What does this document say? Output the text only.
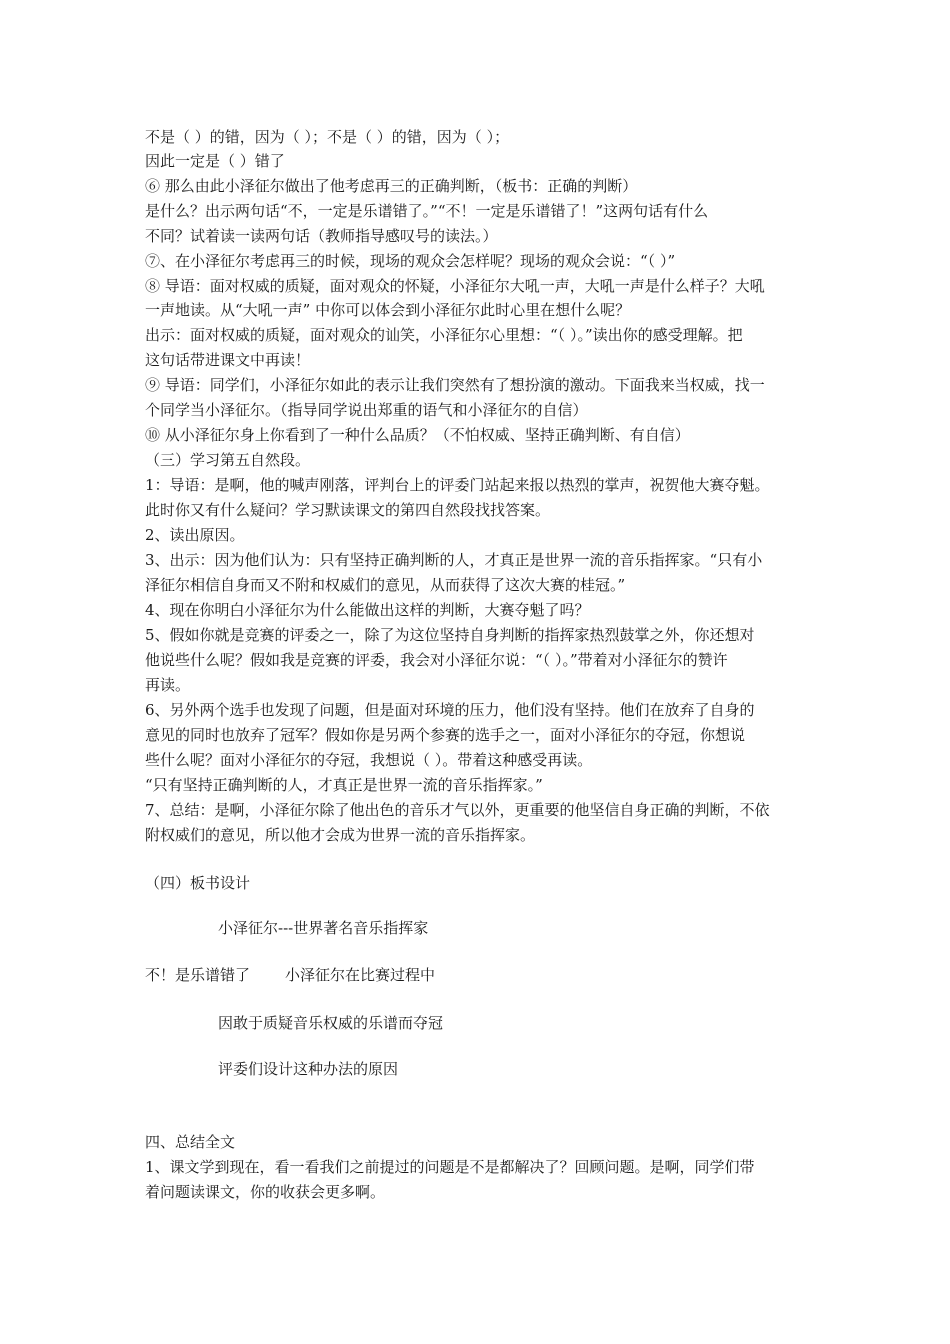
不是（ ）的错，因为（ ）；不是（ ）的错，因为（ ）；
因此一定是（ ）错了
⑥ 那么由此小泽征尔做出了他考虑再三的正确判断，（板书：正确的判断）
是什么？出示两句话“不，一定是乐谱错了。”“不！一定是乐谱错了！”这两句话有什么
不同？试着读一读两句话（教师指导感叹号的读法。）
⑦、在小泽征尔考虑再三的时候，现场的观众会怎样呢？现场的观众会说：“（ ）”
⑧ 导语：面对权威的质疑，面对观众的怀疑，小泽征尔大吼一声，大吼一声是什么样子？大吼
一声地读。从“大吼一声” 中你可以体会到小泽征尔此时心里在想什么呢？
出示：面对权威的质疑，面对观众的讪笑，小泽征尔心里想：“（ ）。”读出你的感受理解。把
这句话带进课文中再读！
⑨ 导语：同学们，小泽征尔如此的表示让我们突然有了想扮演的激动。下面我来当权威，找一
个同学当小泽征尔。（指导同学说出郑重的语气和小泽征尔的自信）
⑩ 从小泽征尔身上你看到了一种什么品质？（不怕权威、坚持正确判断、有自信）
（三）学习第五自然段。
1：导语：是啊，他的喊声刚落，评判台上的评委门站起来报以热烈的掌声，祝贺他大赛夺魁。
此时你又有什么疑问？学习默读课文的第四自然段找找答案。
2、读出原因。
3、出示：因为他们认为：只有坚持正确判断的人，才真正是世界一流的音乐指挥家。“只有小
泽征尔相信自身而又不附和权威们的意见，从而获得了这次大赛的桂冠。”
4、现在你明白小泽征尔为什么能做出这样的判断，大赛夺魁了吗？
5、假如你就是竞赛的评委之一，除了为这位坚持自身判断的指挥家热烈鼓掌之外，你还想对
他说些什么呢？假如我是竞赛的评委，我会对小泽征尔说：“（ ）。”带着对小泽征尔的赞许
再读。
6、另外两个选手也发现了问题，但是面对环境的压力，他们没有坚持。他们在放弃了自身的
意见的同时也放弃了冠军？假如你是另两个参赛的选手之一，面对小泽征尔的夺冠，你想说
些什么呢？面对小泽征尔的夺冠，我想说（ ）。带着这种感受再读。
“只有坚持正确判断的人，才真正是世界一流的音乐指挥家。”
7、总结：是啊，小泽征尔除了他出色的音乐才气以外，更重要的他坚信自身正确的判断，不依
附权威们的意见，所以他才会成为世界一流的音乐指挥家。
（四）板书设计
小泽征尔---世界著名音乐指挥家
不！是乐谱错了 小泽征尔在比赛过程中
因敢于质疑音乐权威的乐谱而夺冠
评委们设计这种办法的原因
四、总结全文
1、课文学到现在，看一看我们之前提过的问题是不是都解决了？回顾问题。是啊，同学们带
着问题读课文，你的收获会更多啊。
